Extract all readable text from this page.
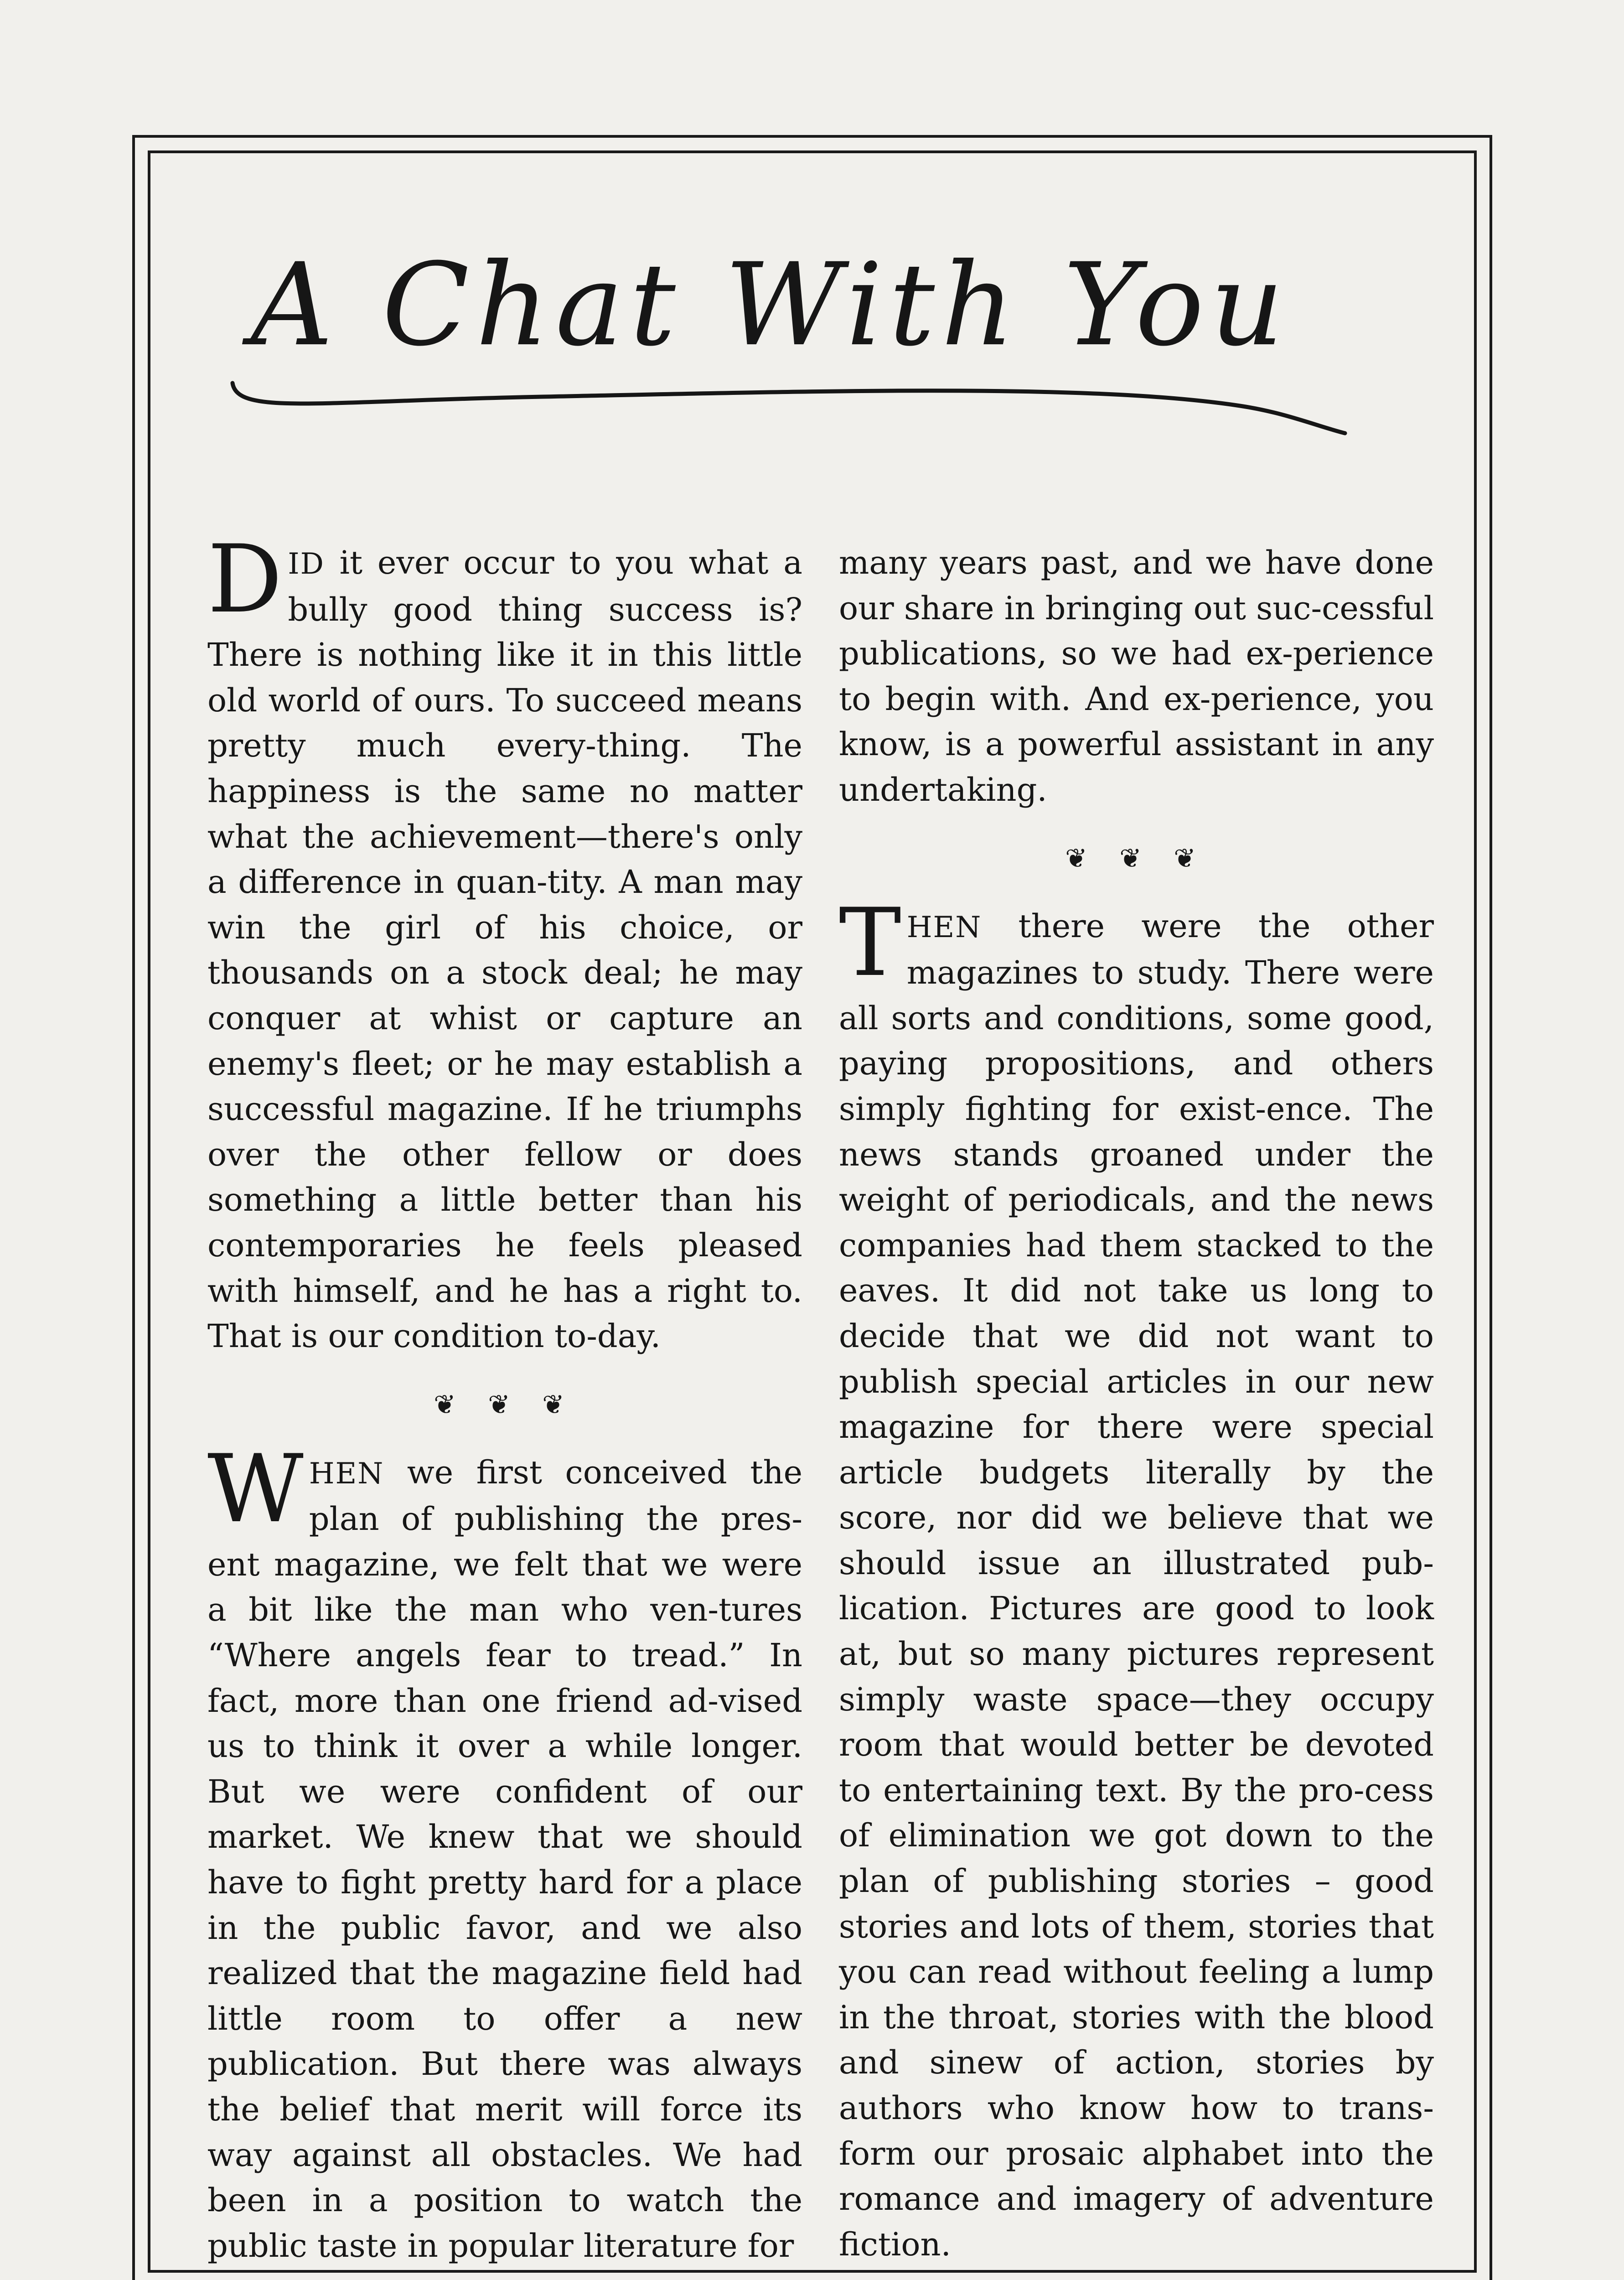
A Chat With You

DID it ever occur to you what a bully good thing success is? There is nothing like it in this little old world of ours. To succeed means pretty much every-thing. The happiness is the same no matter what the achievement—there's only a difference in quan-tity. A man may win the girl of his choice, or thousands on a stock deal; he may conquer at whist or capture an enemy's fleet; or he may establish a successful magazine. If he triumphs over the other fellow or does something a little better than his contemporaries he feels pleased with himself, and he has a right to. That is our condition to-day.

❦ ❦ ❦

WHEN we first conceived the plan of publishing the pres-ent magazine, we felt that we were a bit like the man who ven-tures “Where angels fear to tread.” In fact, more than one friend ad-vised us to think it over a while longer. But we were confident of our market. We knew that we should have to fight pretty hard for a place in the public favor, and we also realized that the magazine field had little room to offer a new publication. But there was always the belief that merit will force its way against all obstacles. We had been in a position to watch the public taste in popular literature for

many years past, and we have done our share in bringing out suc-cessful publications, so we had ex-perience to begin with. And ex-perience, you know, is a powerful assistant in any undertaking.

❦ ❦ ❦

THEN there were the other magazines to study. There were all sorts and conditions, some good, paying propositions, and others simply fighting for exist-ence. The news stands groaned under the weight of periodicals, and the news companies had them stacked to the eaves. It did not take us long to decide that we did not want to publish special articles in our new magazine for there were special article budgets literally by the score, nor did we believe that we should issue an illustrated pub-lication. Pictures are good to look at, but so many pictures represent simply waste space—they occupy room that would better be devoted to entertaining text. By the pro-cess of elimination we got down to the plan of publishing stories – good stories and lots of them, stories that you can read without feeling a lump in the throat, stories with the blood and sinew of action, stories by authors who know how to trans-form our prosaic alphabet into the romance and imagery of adventure fiction.
